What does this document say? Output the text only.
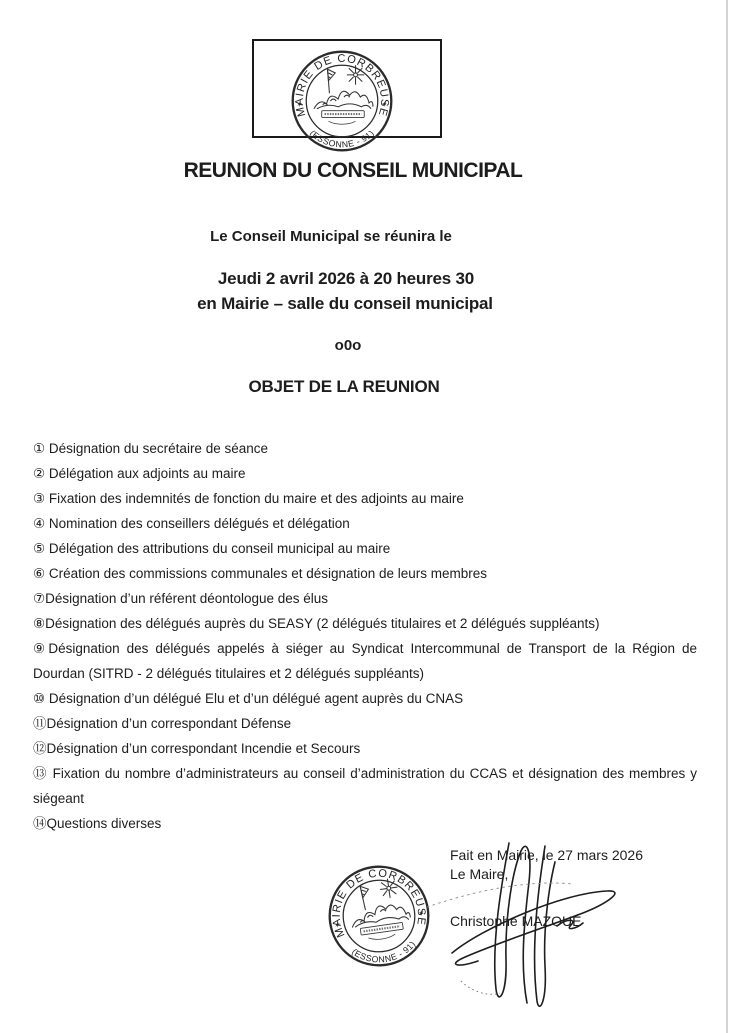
REUNION DU CONSEIL MUNICIPAL
Le Conseil Municipal se réunira le
Jeudi 2 avril 2026 à 20 heures 30
en Mairie – salle du conseil municipal
o0o
OBJET DE LA REUNION
① Désignation du secrétaire de séance
② Délégation aux adjoints au maire
③ Fixation des indemnités de fonction du maire et des adjoints au maire
④ Nomination des conseillers délégués et délégation
⑤ Délégation des attributions du conseil municipal au maire
⑥ Création des commissions communales et désignation de leurs membres
⑦Désignation d’un référent déontologue des élus
⑧Désignation des délégués auprès du SEASY (2 délégués titulaires et 2 délégués suppléants)
⑨Désignation des délégués appelés à siéger au Syndicat Intercommunal de Transport de la Région de
Dourdan (SITRD - 2 délégués titulaires et 2 délégués suppléants)
⑩ Désignation d’un délégué Elu et d’un délégué agent auprès du CNAS
⑪Désignation d’un correspondant Défense
⑫Désignation d’un correspondant Incendie et Secours
⑬ Fixation du nombre d’administrateurs au conseil d’administration du CCAS et désignation des membres y
siégeant
⑭Questions diverses
Fait en Mairie, le 27 mars 2026
Le Maire,
Christophe MAZOUÉ
